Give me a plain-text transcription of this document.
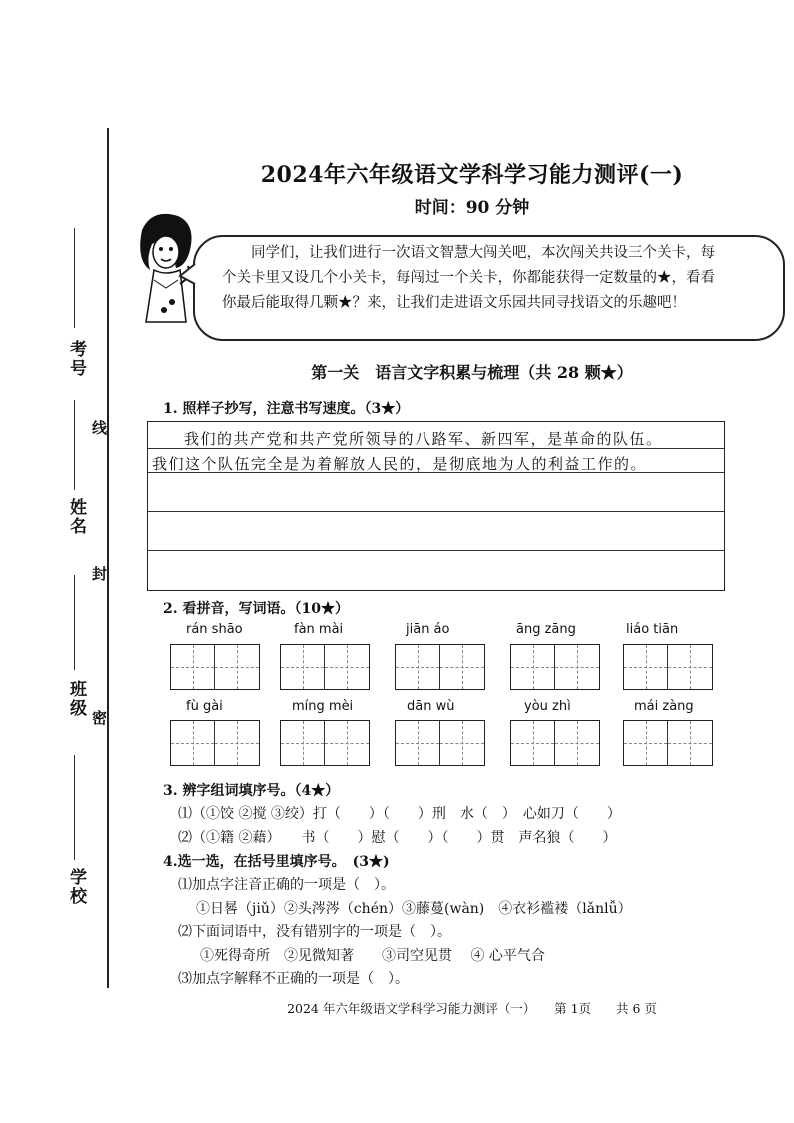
考号
姓名
班级
学校
线
封
密
2024年六年级语文学科学习能力测评(一)
时间：90 分钟
同学们，让我们进行一次语文智慧大闯关吧，本次闯关共设三个关卡，每个关卡里又设几个小关卡，每闯过一个关卡，你都能获得一定数量的★，看看你最后能取得几颗★？来，让我们走进语文乐园共同寻找语文的乐趣吧！
第一关　语言文字积累与梳理（共 28 颗★）
1. 照样子抄写，注意书写速度。（3★）
我们的共产党和共产党所领导的八路军、新四军，是革命的队伍。
我们这个队伍完全是为着解放人民的，是彻底地为人的利益工作的。
2. 看拼音，写词语。（10★）
rán shāo	fàn mài	jiān áo	āng zāng	liáo tiān
fù gài	míng mèi	dān wù	yòu zhì	mái zàng
3. 辨字组词填序号。（4★）
⑴（①饺 ②搅 ③绞）打（　　）（　　）刑　水（　）　心如刀（　　）
⑵（①籍 ②藉）　　书（　　）慰（　　）（　　）贯　声名狼（　　）
4.选一选，在括号里填序号。　(3★)
⑴加点字注音正确的一项是（　）。
①日晷（jiǔ）②头涔涔（chén）③藤蔓(wàn)　④衣衫褴褛（lǎnlǚ）
⑵下面词语中，没有错别字的一项是（　）。
①死得奇所　②见微知著　　③司空见贯　 ④ 心平气合
⑶加点字解释不正确的一项是（　）。
2024 年六年级语文学科学习能力测评（一）　　第 1页　　共 6 页
